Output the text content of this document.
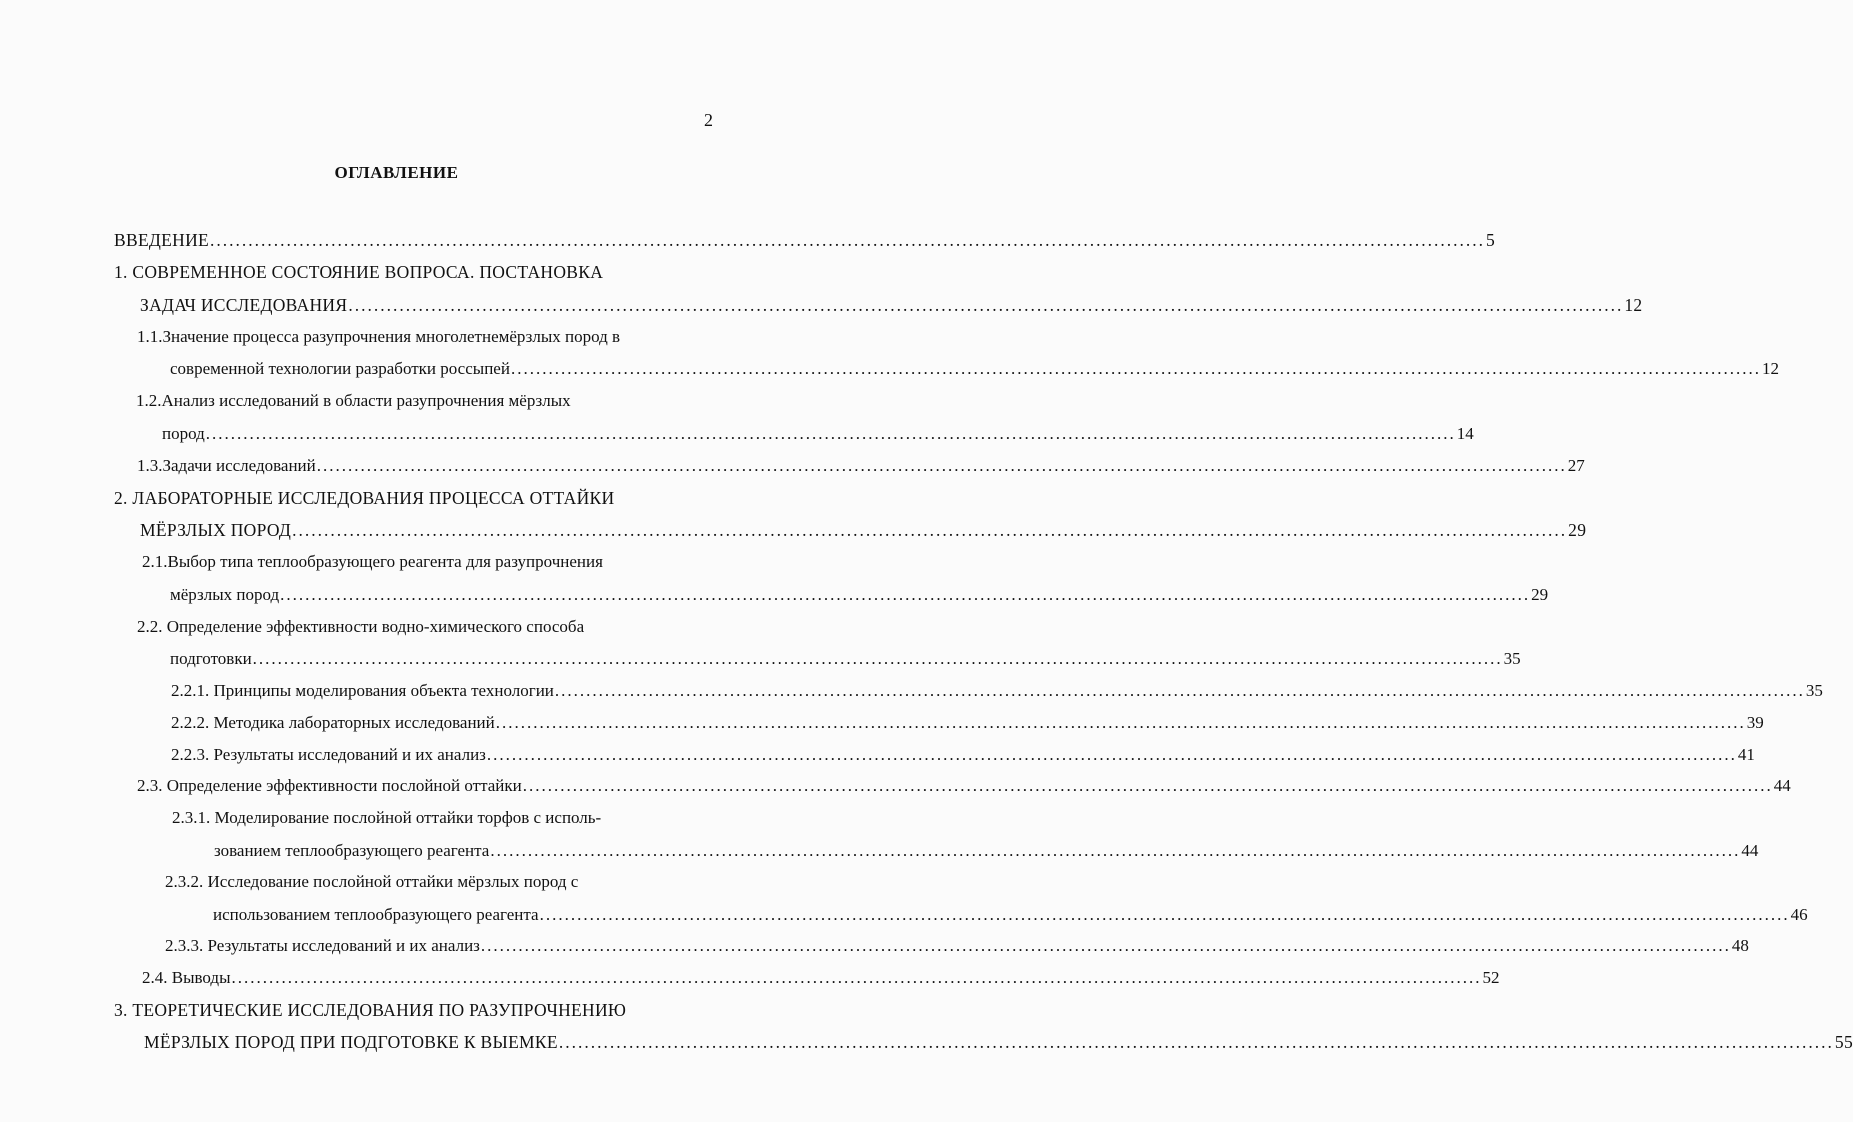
2
ОГЛАВЛЕНИЕ
ВВЕДЕНИЕ ........................................................................................................................................................................................................ 5
1. СОВРЕМЕННОЕ СОСТОЯНИЕ ВОПРОСА. ПОСТАНОВКА
ЗАДАЧ ИССЛЕДОВАНИЯ ........................................................................................................................................................................................................ 12
1.1.Значение процесса разупрочнения многолетнемёрзлых пород в
современной технологии разработки россыпей ........................................................................................................................................................................................................ 12
1.2.Анализ исследований в области разупрочнения мёрзлых
пород ........................................................................................................................................................................................................ 14
1.3.Задачи исследований ........................................................................................................................................................................................................ 27
2. ЛАБОРАТОРНЫЕ ИССЛЕДОВАНИЯ ПРОЦЕССА ОТТАЙКИ
МЁРЗЛЫХ ПОРОД ........................................................................................................................................................................................................ 29
2.1.Выбор типа теплообразующего реагента для разупрочнения
мёрзлых пород ........................................................................................................................................................................................................ 29
2.2. Определение эффективности водно-химического способа
подготовки ........................................................................................................................................................................................................ 35
2.2.1. Принципы моделирования объекта технологии ........................................................................................................................................................................................................ 35
2.2.2. Методика лабораторных исследований ........................................................................................................................................................................................................ 39
2.2.3. Результаты исследований и их анализ ........................................................................................................................................................................................................ 41
2.3. Определение эффективности послойной оттайки ........................................................................................................................................................................................................ 44
2.3.1. Моделирование послойной оттайки торфов с исполь-
зованием теплообразующего реагента ........................................................................................................................................................................................................ 44
2.3.2. Исследование послойной оттайки мёрзлых пород с
использованием теплообразующего реагента ........................................................................................................................................................................................................ 46
2.3.3. Результаты исследований и их анализ ........................................................................................................................................................................................................ 48
2.4. Выводы ........................................................................................................................................................................................................ 52
3. ТЕОРЕТИЧЕСКИЕ ИССЛЕДОВАНИЯ ПО РАЗУПРОЧНЕНИЮ
МЁРЗЛЫХ ПОРОД ПРИ ПОДГОТОВКЕ К ВЫЕМКЕ ........................................................................................................................................................................................................ 55
